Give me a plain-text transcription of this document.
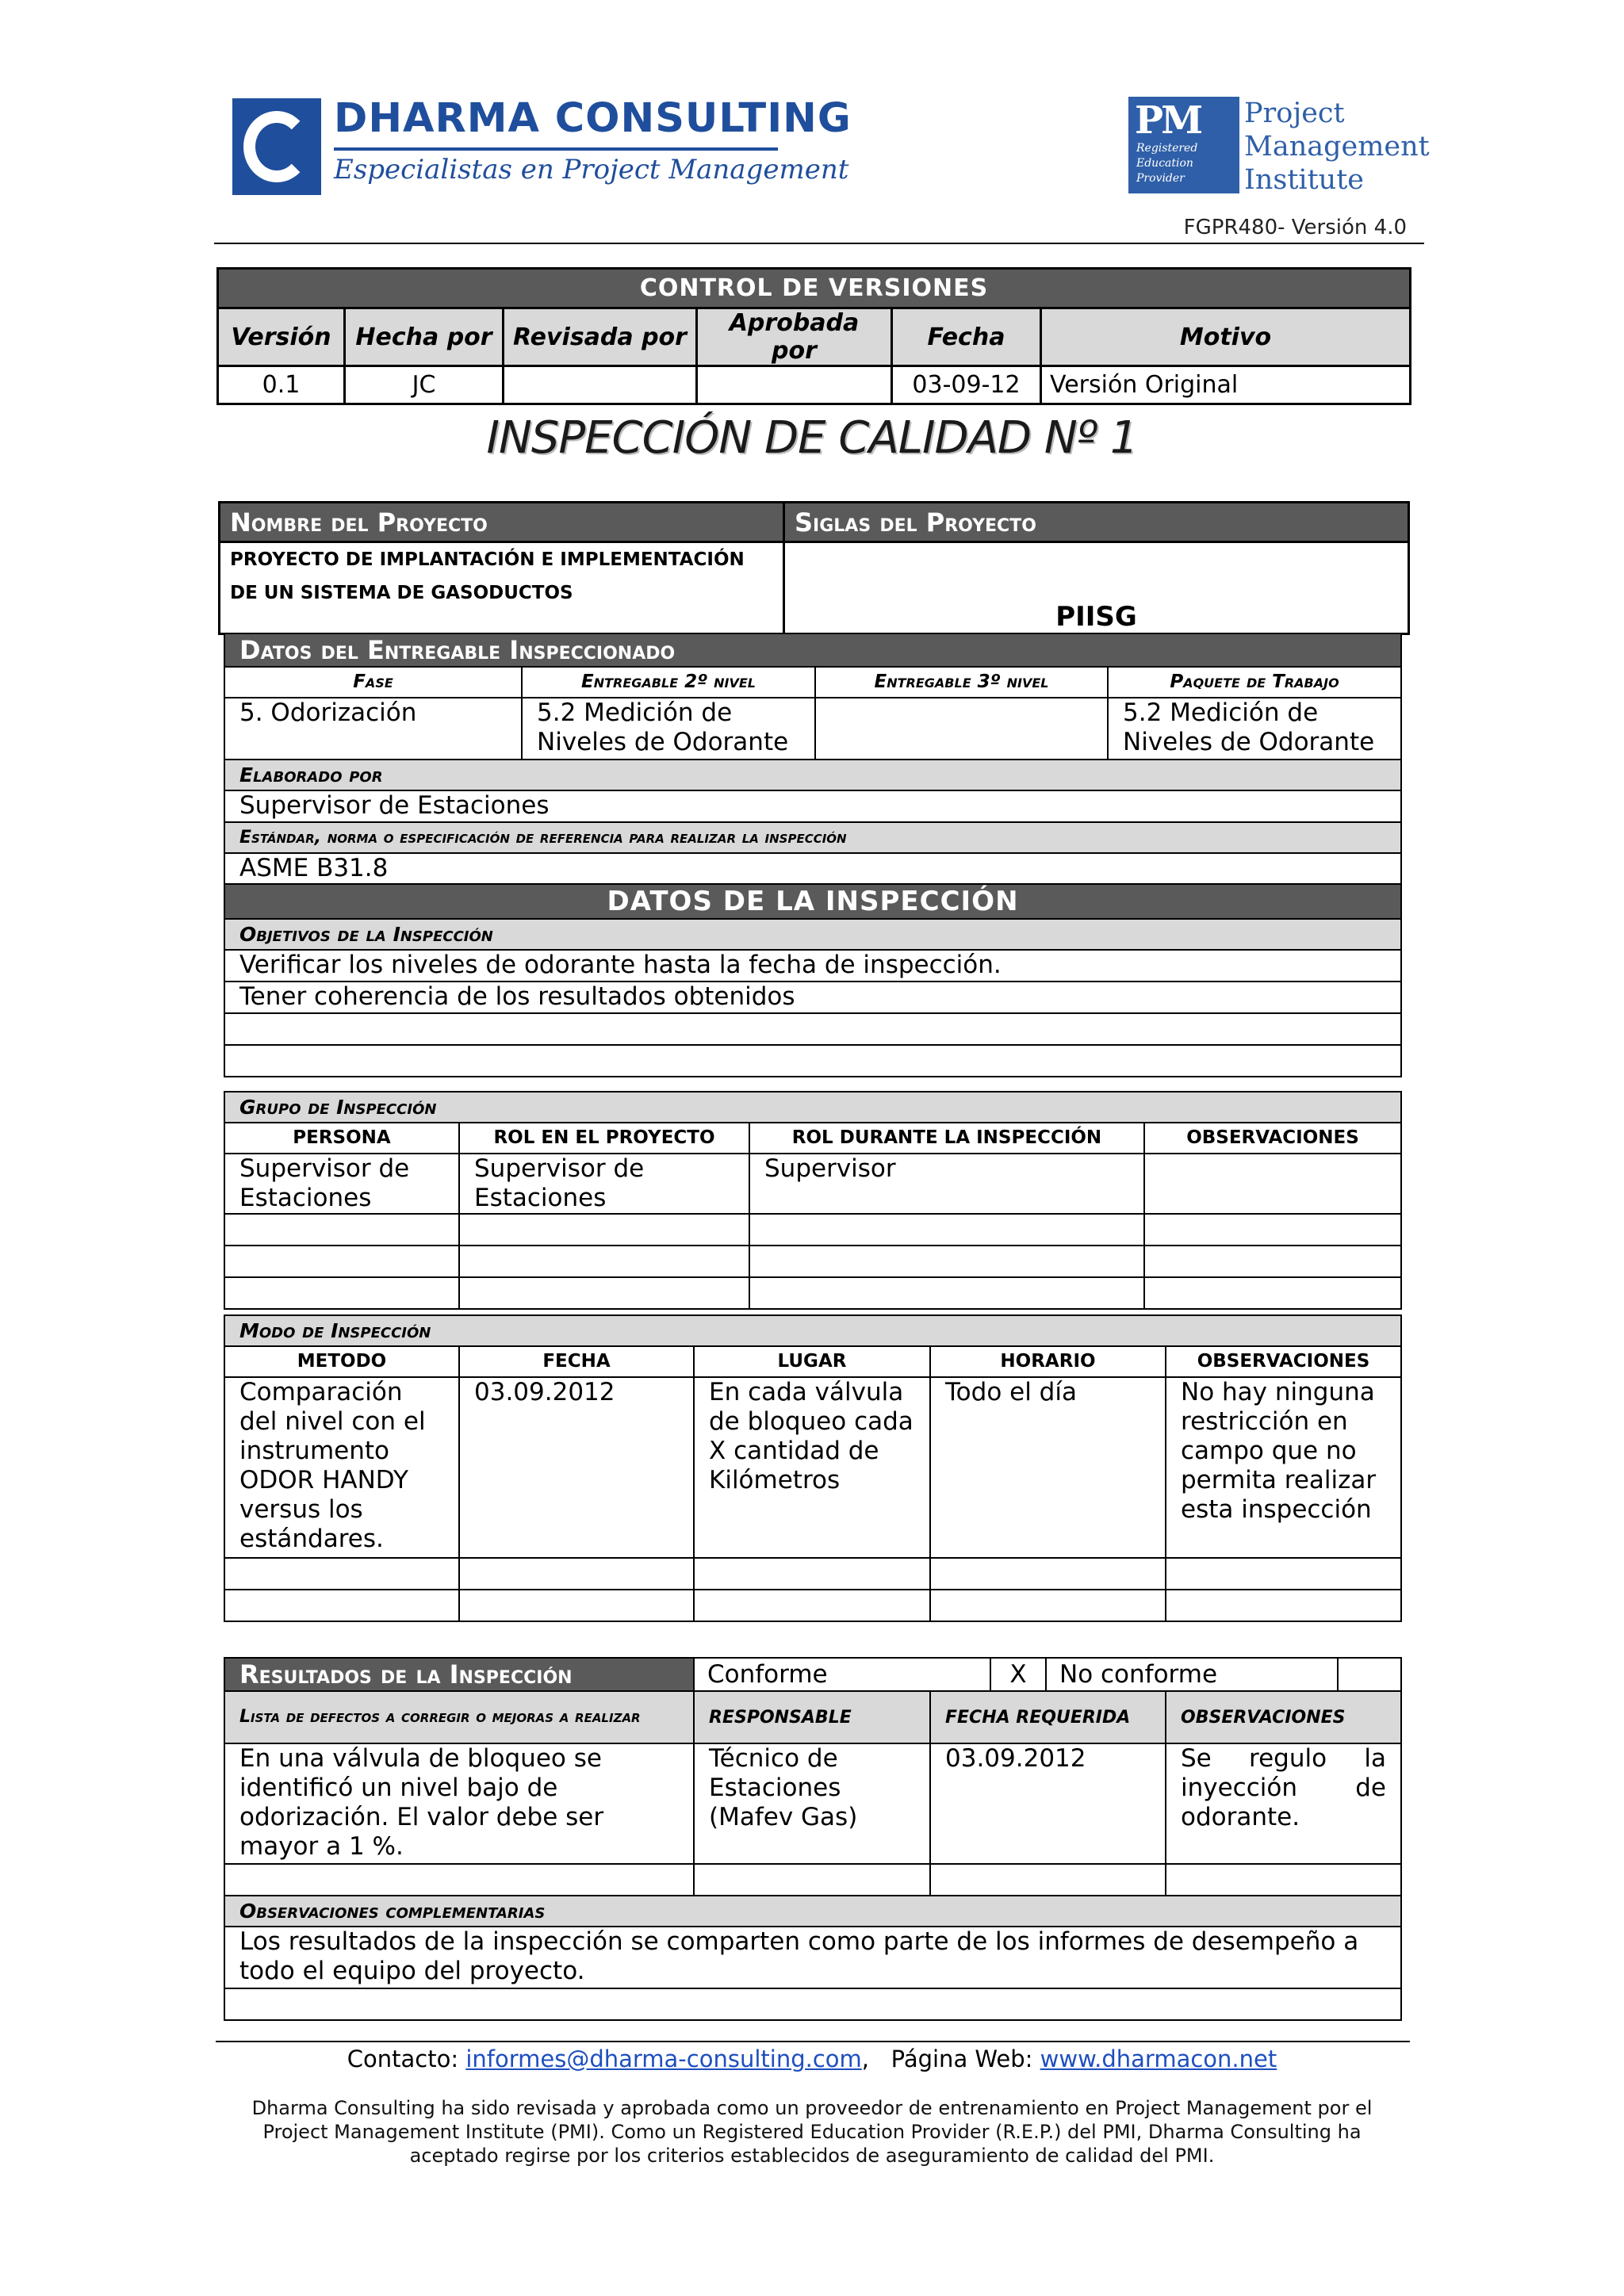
DHARMA CONSULTING
Especialistas en Project Management
PM
Registered
Education
Provider
Project
Management
Institute
FGPR480- Versión 4.0
CONTROL DE VERSIONES					
Versión	Hecha por	Revisada por	Aprobada por	Fecha	Motivo
0.1	JC			03-09-12	Versión Original
INSPECCIÓN DE CALIDAD Nº 1
Nombre del Proyecto	Siglas del Proyecto

PROYECTO DE IMPLANTACIÓN E IMPLEMENTACIÓN
DE UN SISTEMA DE GASODUCTOS	PIISG
Datos del Entregable Inspeccionado			
Fase	Entregable 2º nivel	Entregable 3º nivel	Paquete de Trabajo
5. Odorización	5.2 Medición de Niveles de Odorante		5.2 Medición de Niveles de Odorante
Elaborado por			
Supervisor de Estaciones			
Estándar, norma o especificación de referencia para realizar la inspección			
ASME B31.8			
DATOS DE LA INSPECCIÓN			
Objetivos de la Inspección			
Verificar los niveles de odorante hasta la fecha de inspección.			
Tener coherencia de los resultados obtenidos			

Grupo de Inspección			
PERSONA	ROL EN EL PROYECTO	ROL DURANTE LA INSPECCIÓN	OBSERVACIONES
Supervisor de Estaciones	Supervisor de Estaciones	Supervisor	

Modo de Inspección				
METODO	FECHA	LUGAR	HORARIO	OBSERVACIONES
Comparación del nivel con el instrumento ODOR HANDY versus los estándares.	03.09.2012	En cada válvula de bloqueo cada X cantidad de Kilómetros	Todo el día	No hay ninguna restricción en campo que no permita realizar esta inspección

Resultados de la Inspección	Conforme X No conforme		

Lista de defectos a corregir o mejoras a realizar	RESPONSABLE	FECHA REQUERIDA	OBSERVACIONES
En una válvula de bloqueo se identificó un nivel bajo de odorización. El valor debe ser mayor a 1 %.	Técnico de Estaciones (Mafev Gas)	03.09.2012	Se regulo la inyección de odorante.

Observaciones complementarias			
Los resultados de la inspección se comparten como parte de los informes de desempeño a todo el equipo del proyecto.			

Contacto: informes@dharma-consulting.com,   Página Web: www.dharmacon.net
Dharma Consulting ha sido revisada y aprobada como un proveedor de entrenamiento en Project Management por el Project Management Institute (PMI). Como un Registered Education Provider (R.E.P.) del PMI, Dharma Consulting ha aceptado regirse por los criterios establecidos de aseguramiento de calidad del PMI.
